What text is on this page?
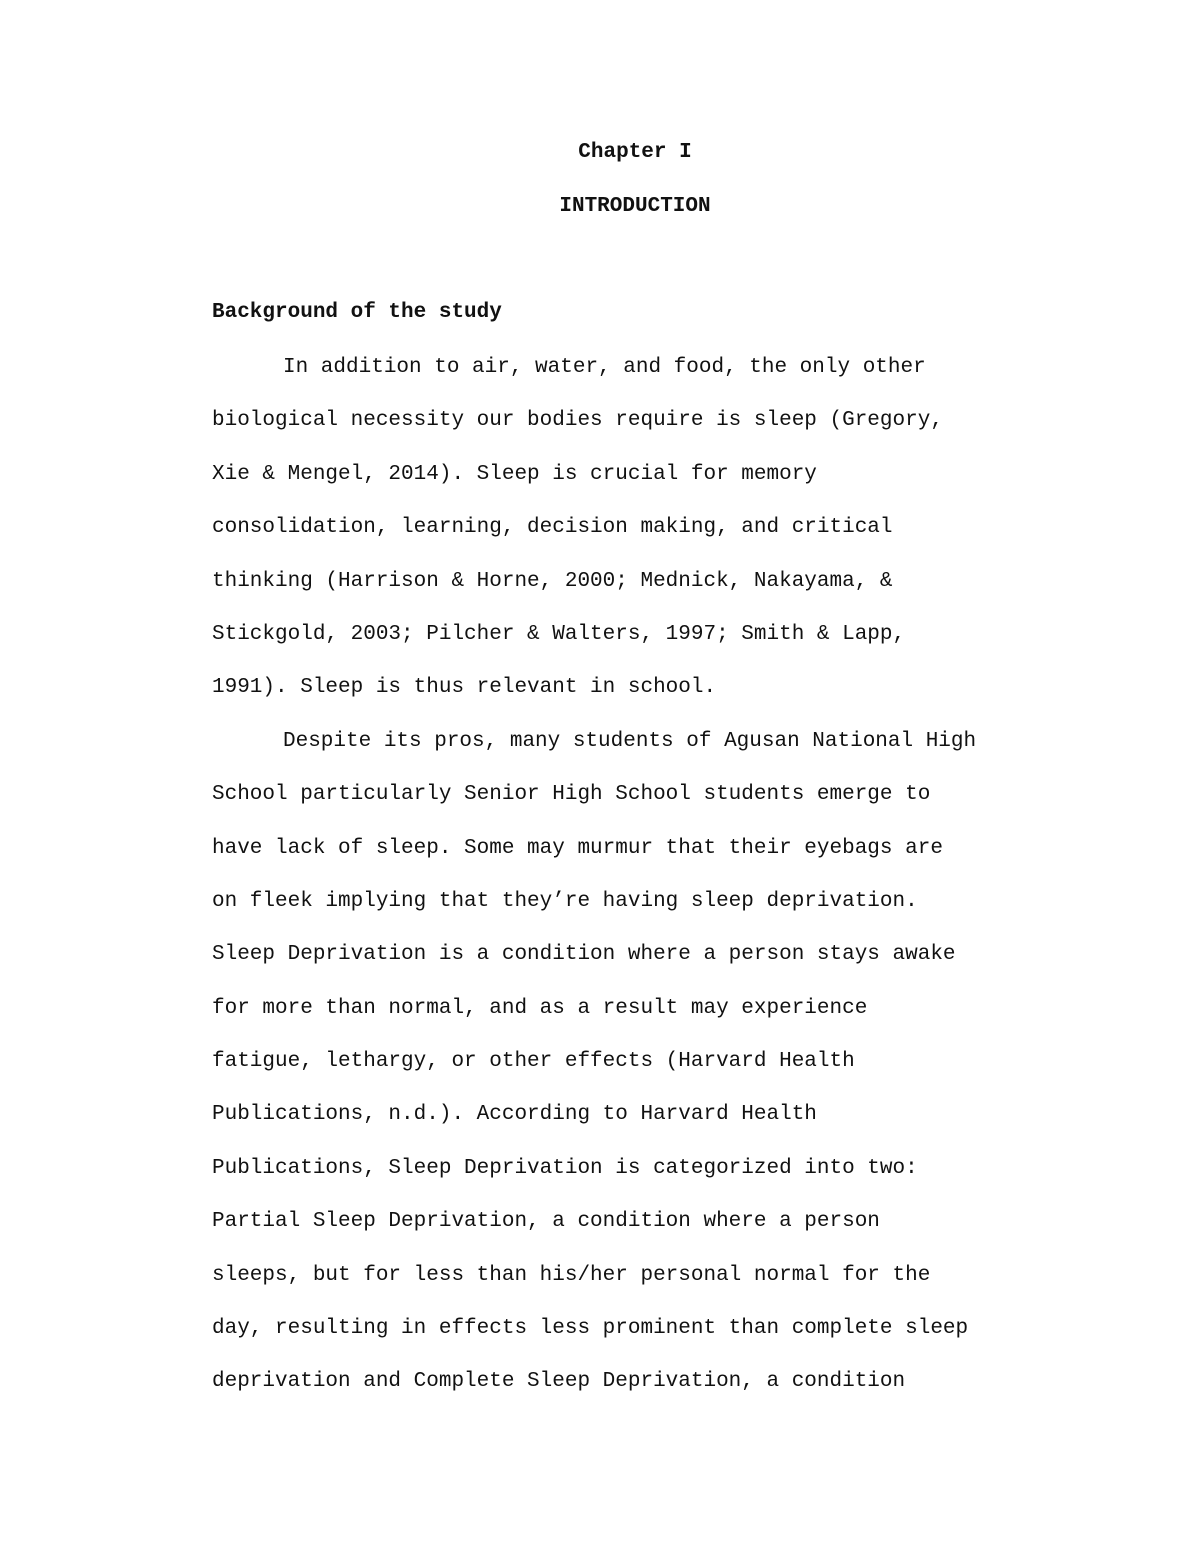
Chapter I
INTRODUCTION
Background of the study
In addition to air, water, and food, the only other
biological necessity our bodies require is sleep (Gregory,
Xie & Mengel, 2014). Sleep is crucial for memory
consolidation, learning, decision making, and critical
thinking (Harrison & Horne, 2000; Mednick, Nakayama, &
Stickgold, 2003; Pilcher & Walters, 1997; Smith & Lapp,
1991). Sleep is thus relevant in school.
Despite its pros, many students of Agusan National High
School particularly Senior High School students emerge to
have lack of sleep. Some may murmur that their eyebags are
on fleek implying that they’re having sleep deprivation.
Sleep Deprivation is a condition where a person stays awake
for more than normal, and as a result may experience
fatigue, lethargy, or other effects (Harvard Health
Publications, n.d.). According to Harvard Health
Publications, Sleep Deprivation is categorized into two:
Partial Sleep Deprivation, a condition where a person
sleeps, but for less than his/her personal normal for the
day, resulting in effects less prominent than complete sleep
deprivation and Complete Sleep Deprivation, a condition
